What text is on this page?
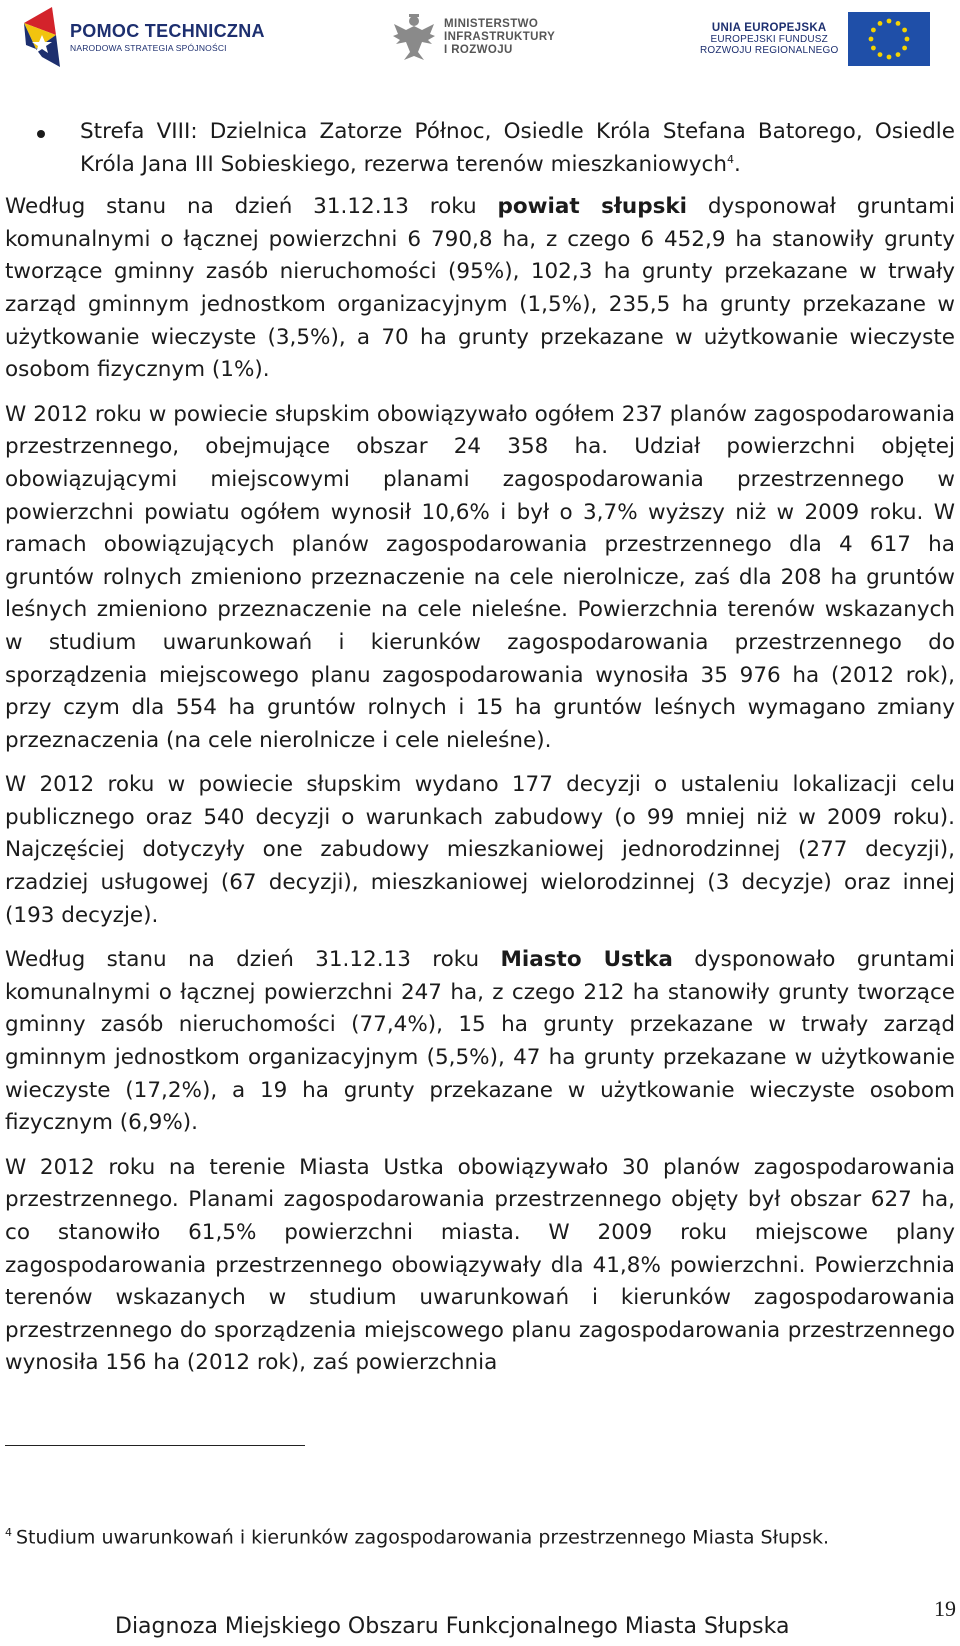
POMOC TECHNICZNA
NARODOWA STRATEGIA SPÓJNOŚCI
MINISTERSTWO
INFRASTRUKTURY
I ROZWOJU
UNIA EUROPEJSKA
EUROPEJSKI FUNDUSZ
ROZWOJU REGIONALNEGO
Strefa VIII: Dzielnica Zatorze Północ, Osiedle Króla Stefana Batorego, Osiedle Króla Jana III Sobieskiego, rezerwa terenów mieszkaniowych$^4$.

Według stanu na dzień 31.12.13 roku powiat słupski dysponował gruntami komunalnymi o łącznej powierzchni 6 790,8 ha, z czego 6 452,9 ha stanowiły grunty tworzące gminny zasób nieruchomości (95%), 102,3 ha grunty przekazane w trwały zarząd gminnym jednostkom organizacyjnym (1,5%), 235,5 ha grunty przekazane w użytkowanie wieczyste (3,5%), a 70 ha grunty przekazane w użytkowanie wieczyste osobom fizycznym (1%).

W 2012 roku w powiecie słupskim obowiązywało ogółem 237 planów zagospodarowania przestrzennego, obejmujące obszar 24 358 ha. Udział powierzchni objętej obowiązującymi miejscowymi planami zagospodarowania przestrzennego w powierzchni powiatu ogółem wynosił 10,6% i był o 3,7% wyższy niż w 2009 roku. W ramach obowiązujących planów zagospodarowania przestrzennego dla 4 617 ha gruntów rolnych zmieniono przeznaczenie na cele nierolnicze, zaś dla 208 ha gruntów leśnych zmieniono przeznaczenie na cele nieleśne. Powierzchnia terenów wskazanych w studium uwarunkowań i kierunków zagospodarowania przestrzennego do sporządzenia miejscowego planu zagospodarowania wynosiła 35 976 ha (2012 rok), przy czym dla 554 ha gruntów rolnych i 15 ha gruntów leśnych wymagano zmiany przeznaczenia (na cele nierolnicze i cele nieleśne).

W 2012 roku w powiecie słupskim wydano 177 decyzji o ustaleniu lokalizacji celu publicznego oraz 540 decyzji o warunkach zabudowy (o 99 mniej niż w 2009 roku). Najczęściej dotyczyły one zabudowy mieszkaniowej jednorodzinnej (277 decyzji), rzadziej usługowej (67 decyzji), mieszkaniowej wielorodzinnej (3 decyzje) oraz innej (193 decyzje).

Według stanu na dzień 31.12.13 roku Miasto Ustka dysponowało gruntami komunalnymi o łącznej powierzchni 247 ha, z czego 212 ha stanowiły grunty tworzące gminny zasób nieruchomości (77,4%), 15 ha grunty przekazane w trwały zarząd gminnym jednostkom organizacyjnym (5,5%), 47 ha grunty przekazane w użytkowanie wieczyste (17,2%), a 19 ha grunty przekazane w użytkowanie wieczyste osobom fizycznym (6,9%).

W 2012 roku na terenie Miasta Ustka obowiązywało 30 planów zagospodarowania przestrzennego. Planami zagospodarowania przestrzennego objęty był obszar 627 ha, co stanowiło 61,5% powierzchni miasta. W 2009 roku miejscowe plany zagospodarowania przestrzennego obowiązywały dla 41,8% powierzchni. Powierzchnia terenów wskazanych w studium uwarunkowań i kierunków zagospodarowania przestrzennego do sporządzenia miejscowego planu zagospodarowania przestrzennego wynosiła 156 ha (2012 rok), zaś powierzchnia

$^4$ Studium uwarunkowań i kierunków zagospodarowania przestrzennego Miasta Słupsk.
Diagnoza Miejskiego Obszaru Funkcjonalnego Miasta Słupska
19
